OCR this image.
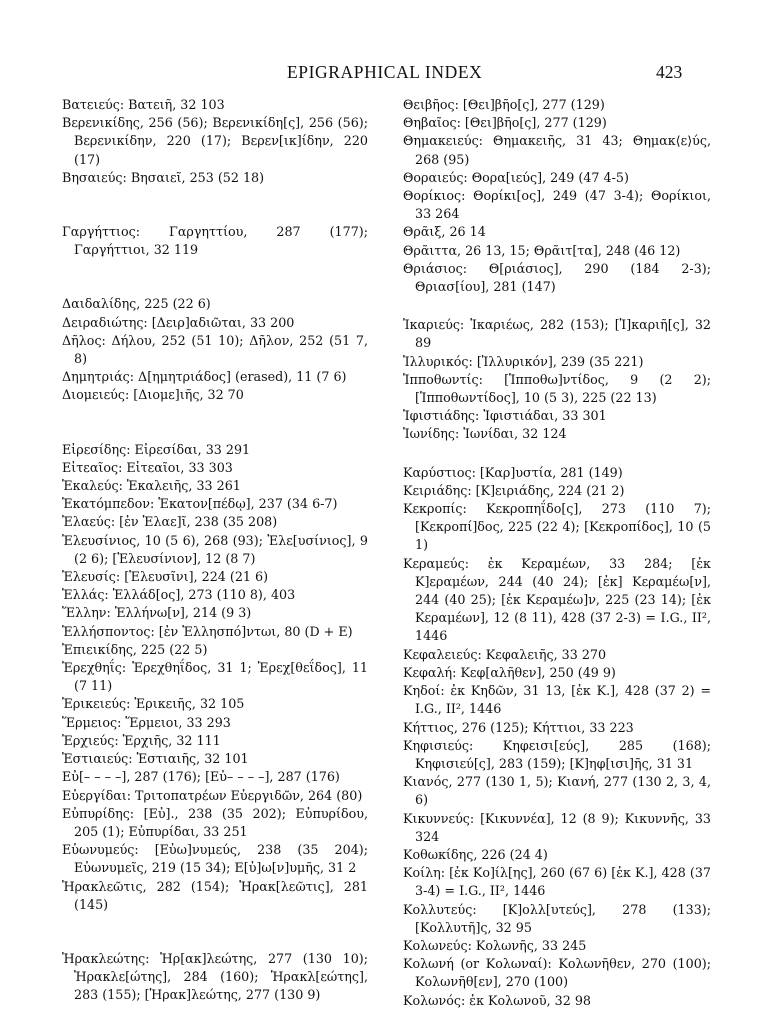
EPIGRAPHICAL INDEX	423
Βατειεύς: Βατειῆ, 32 103
Βερενικίδης, 256 (56); Βερενικίδη[ς], 256 (56); Βερενικίδην, 220 (17); Βερεν[ικ]ίδην, 220 (17)
Βησαιεύς: Βησαιεῖ, 253 (52 18)
Γαργήττιος: Γαργηττίου, 287 (177); Γαργήττιοι, 32 119
Δαιδαλίδης, 225 (22 6)
Δειραδιώτης: [Δειρ]αδιῶται, 33 200
Δῆλος: Δήλου, 252 (51 10); Δῆλον, 252 (51 7, 8)
Δημητριάς: Δ[ημητριάδος] (erased), 11 (7 6)
Διομειεύς: [Διομε]ιῆς, 32 70
Εἰρεσίδης: Εἰρεσίδαι, 33 291
Εἰτεαῖος: Εἰτεαῖοι, 33 303
Ἑκαλεύς: Ἑκαλειῆς, 33 261
Ἑκατόμπεδον: Ἑκατον[πέδῳ], 237 (34 6-7)
Ἐλαεύς: [ἐν Ἐλαε]ῖ, 238 (35 208)
Ἐλευσίνιος, 10 (5 6), 268 (93); Ἐλε[υσίνιος], 9 (2 6); [Ἐλευσίνιον], 12 (8 7)
Ἐλευσίς: [Ἐλευσῖνι], 224 (21 6)
Ἑλλάς: Ἑλλάδ[ος], 273 (110 8), 403
Ἕλλην: Ἑλλήνω[ν], 214 (9 3)
Ἑλλήσποντος: [ἐν Ἑλλησπό]ντωι, 80 (D + E)
Ἐπιεικίδης, 225 (22 5)
Ἐρεχθηΐς: Ἐρεχθηΐδος, 31 1; Ἐρεχ[θεΐδος], 11 (7 11)
Ἐρικειεύς: Ἐρικειῆς, 32 105
Ἕρμειος: Ἕρμειοι, 33 293
Ἐρχιεύς: Ἐρχιῆς, 32 111
Ἑστιαιεύς: Ἑστιαιῆς, 32 101
Εὐ[– – – –], 287 (176); [Εὐ– – – –], 287 (176)
Εὐεργίδαι: Τριτοπατρέων Εὐεργιδῶν, 264 (80)
Εὐπυρίδης: [Εὐ]., 238 (35 202); Εὐπυρίδου, 205 (1); Εὐπυρίδαι, 33 251
Εὐωνυμεύς: [Εὐω]νυμεύς, 238 (35 204); Εὐωνυμεῖς, 219 (15 34); Ε[ὐ]ω[ν]υμῆς, 31 2
Ἡρακλεῶτις, 282 (154); Ἡρακ[λεῶτις], 281 (145)
Ἡρακλεώτης: Ἡρ[ακ]λεώτης, 277 (130 10); Ἡρακλε[ώτης], 284 (160); Ἡρακλ[εώτης], 283 (155); [Ἡρακ]λεώτης, 277 (130 9)
Θειβῆος: [Θει]βῆο[ς], 277 (129)
Θηβαῖος: [Θει]βῆο[ς], 277 (129)
Θημακειεύς: Θημακειῆς, 31 43; Θημακ⟨ε⟩ύς, 268 (95)
Θοραιεύς: Θορα[ιεύς], 249 (47 4-5)
Θορίκιος: Θορίκι[ος], 249 (47 3-4); Θορίκιοι, 33 264
Θρᾶιξ, 26 14
Θρᾶιττα, 26 13, 15; Θρᾶιτ[τα], 248 (46 12)
Θριάσιος: Θ[ριάσιος], 290 (184 2-3); Θριασ[ίου], 281 (147)
Ἰκαριεύς: Ἰκαριέως, 282 (153); [Ἰ]καριῆ[ς], 32 89
Ἰλλυρικός: [Ἰλλυρικόν], 239 (35 221)
Ἱπποθωντίς: [Ἱπποθω]ντίδος, 9 (2 2); [Ἱπποθωντίδος], 10 (5 3), 225 (22 13)
Ἰφιστιάδης: Ἰφιστιάδαι, 33 301
Ἰωνίδης: Ἰωνίδαι, 32 124
Καρύστιος: [Καρ]υστία, 281 (149)
Κειριάδης: [Κ]ειριάδης, 224 (21 2)
Κεκροπίς: Κεκροπηΐδο[ς], 273 (110 7); [Κεκροπί]δος, 225 (22 4); [Κεκροπίδος], 10 (5 1)
Κεραμεύς: ἐκ Κεραμέων, 33 284; [ἐκ Κ]εραμέων, 244 (40 24); [ἐκ] Κεραμέω[ν], 244 (40 25); [ἐκ Κεραμέω]ν, 225 (23 14); [ἐκ Κεραμέων], 12 (8 11), 428 (37 2-3) = I.G., II², 1446
Κεφαλειεύς: Κεφαλειῆς, 33 270
Κεφαλή: Κεφ[αλῆθεν], 250 (49 9)
Κηδοί: ἐκ Κηδῶν, 31 13, [ἐκ Κ.], 428 (37 2) = I.G., II², 1446
Κήττιος, 276 (125); Κήττιοι, 33 223
Κηφισιεύς: Κηφεισι[εύς], 285 (168); Κηφισιεύ[ς], 283 (159); [Κ]ηφ[ισι]ῆς, 31 31
Κιανός, 277 (130 1, 5); Κιανή, 277 (130 2, 3, 4, 6)
Κικυννεύς: [Κικυννέα], 12 (8 9); Κικυννῆς, 33 324
Κοθωκίδης, 226 (24 4)
Κοίλη: [ἐκ Κο]ίλ[ης], 260 (67 6) [ἐκ Κ.], 428 (37 3-4) = I.G., II², 1446
Κολλυτεύς: [Κ]ολλ[υτεύς], 278 (133); [Κολλυτῆ]ς, 32 95
Κολωνεύς: Κολωνῆς, 33 245
Κολωνή (or Κολωναί): Κολωνῆθεν, 270 (100); Κολωνῆθ[εν], 270 (100)
Κολωνός: ἐκ Κολωνοῦ, 32 98
